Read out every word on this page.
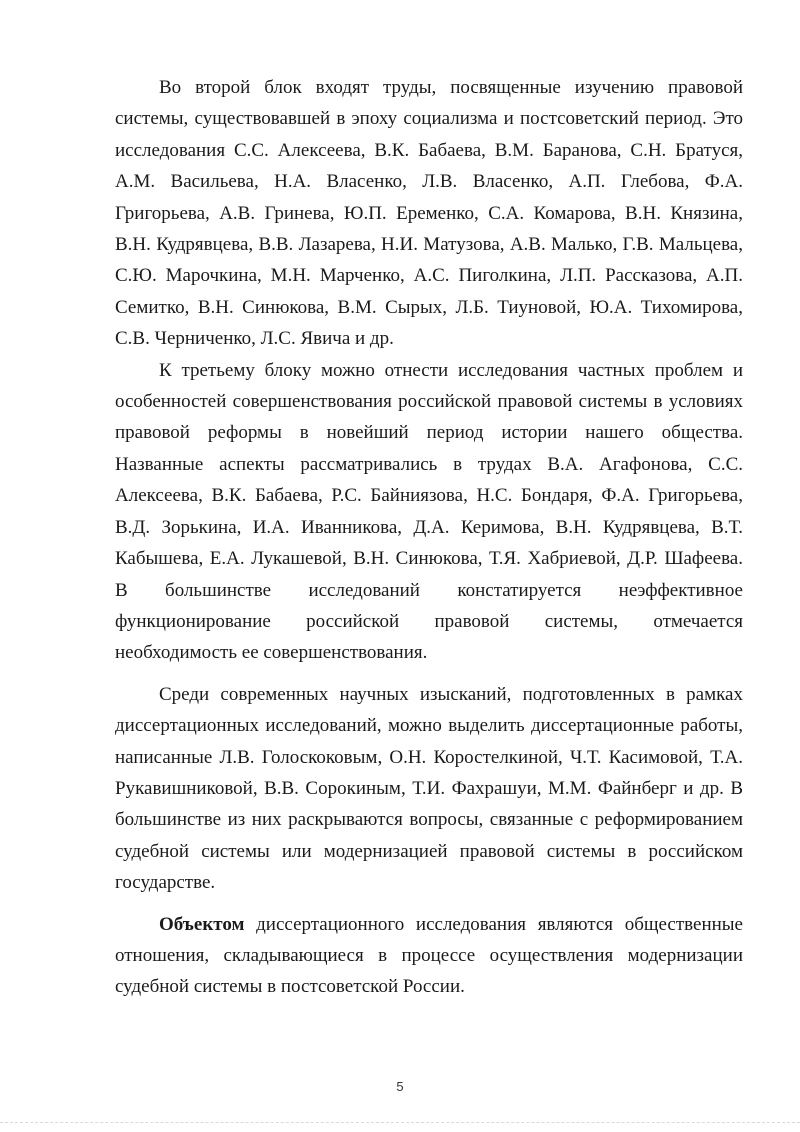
Во второй блок входят труды, посвященные изучению правовой системы, существовавшей в эпоху социализма и постсоветский период. Это исследования С.С. Алексеева, В.К. Бабаева, В.М. Баранова, С.Н. Братуся, А.М. Васильева, Н.А. Власенко, Л.В. Власенко, А.П. Глебова, Ф.А. Григорьева, А.В. Гринева, Ю.П. Еременко, С.А. Комарова, В.Н. Князина, В.Н. Кудрявцева, В.В. Лазарева, Н.И. Матузова, А.В. Малько, Г.В. Мальцева, С.Ю. Марочкина, М.Н. Марченко, А.С. Пиголкина, Л.П. Рассказова, А.П. Семитко, В.Н. Синюкова, В.М. Сырых, Л.Б. Тиуновой, Ю.А. Тихомирова, С.В. Черниченко, Л.С. Явича и др.

К третьему блоку можно отнести исследования частных проблем и особенностей совершенствования российской правовой системы в условиях правовой реформы в новейший период истории нашего общества. Названные аспекты рассматривались в трудах В.А. Агафонова, С.С. Алексеева, В.К. Бабаева, Р.С. Байниязова, Н.С. Бондаря, Ф.А. Григорьева, В.Д. Зорькина, И.А. Иванникова, Д.А. Керимова, В.Н. Кудрявцева, В.Т. Кабышева, Е.А. Лукашевой, В.Н. Синюкова, Т.Я. Хабриевой, Д.Р. Шафеева. В большинстве исследований констатируется неэффективное функционирование российской правовой системы, отмечается необходимость ее совершенствования.

Среди современных научных изысканий, подготовленных в рамках диссертационных исследований, можно выделить диссертационные работы, написанные Л.В. Голоскоковым, О.Н. Коростелкиной, Ч.Т. Касимовой, Т.А. Рукавишниковой, В.В. Сорокиным, Т.И. Фахрашуи, М.М. Файнберг и др. В большинстве из них раскрываются вопросы, связанные с реформированием судебной системы или модернизацией правовой системы в российском государстве.

Объектом диссертационного исследования являются общественные отношения, складывающиеся в процессе осуществления модернизации судебной системы в постсоветской России.

5
